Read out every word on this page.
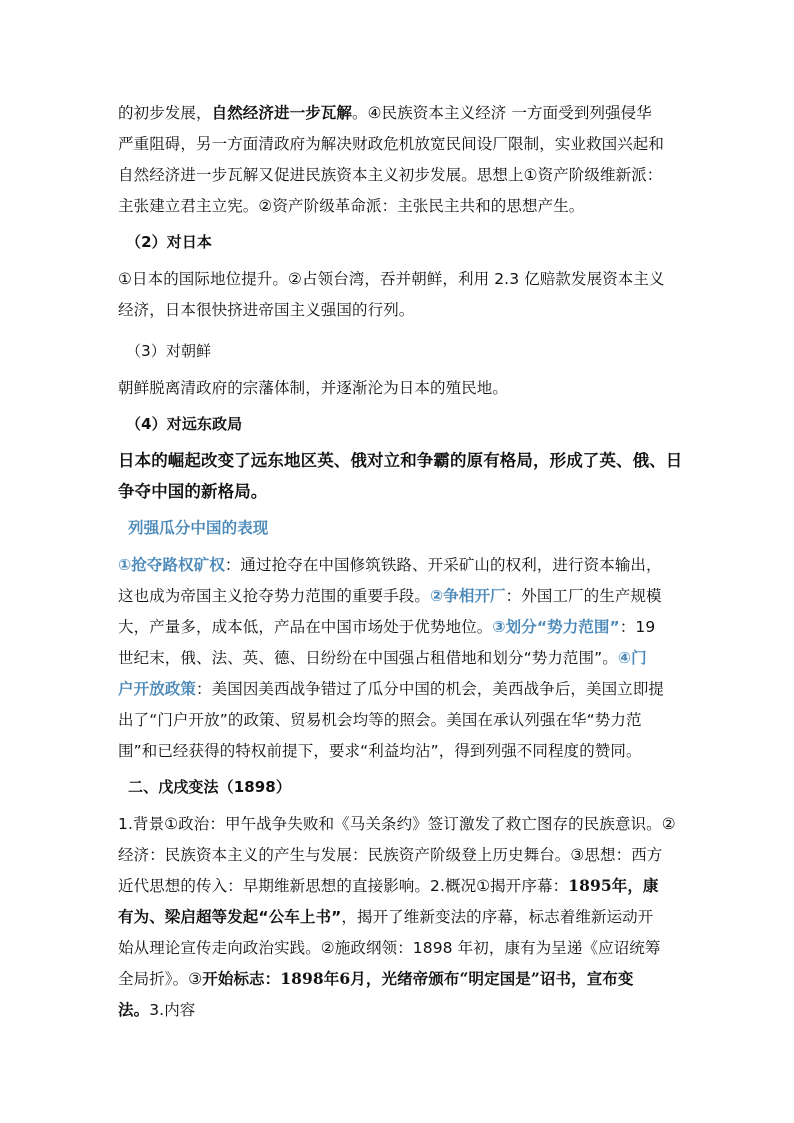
的初步发展，自然经济进一步瓦解。④民族资本主义经济 一方面受到列强侵华
严重阻碍，另一方面清政府为解决财政危机放宽民间设厂限制，实业救国兴起和
自然经济进一步瓦解又促进民族资本主义初步发展。思想上①资产阶级维新派：
主张建立君主立宪。②资产阶级革命派：主张民主共和的思想产生。
（2）对日本
①日本的国际地位提升。②占领台湾，吞并朝鲜，利用 2.3 亿赔款发展资本主义
经济，日本很快挤进帝国主义强国的行列。
（3）对朝鲜
朝鲜脱离清政府的宗藩体制，并逐渐沦为日本的殖民地。
（4）对远东政局
日本的崛起改变了远东地区英、俄对立和争霸的原有格局，形成了英、俄、日
争夺中国的新格局。
列强瓜分中国的表现
①抢夺路权矿权：通过抢夺在中国修筑铁路、开采矿山的权利，进行资本输出，
这也成为帝国主义抢夺势力范围的重要手段。②争相开厂：外国工厂的生产规模
大，产量多，成本低，产品在中国市场处于优势地位。③划分“势力范围”：19
世纪末，俄、法、英、德、日纷纷在中国强占租借地和划分“势力范围”。④门
户开放政策：美国因美西战争错过了瓜分中国的机会，美西战争后，美国立即提
出了“门户开放”的政策、贸易机会均等的照会。美国在承认列强在华“势力范
围”和已经获得的特权前提下，要求“利益均沾”，得到列强不同程度的赞同。
二、戊戌变法（1898）
1.背景①政治：甲午战争失败和《马关条约》签订激发了救亡图存的民族意识。②
经济：民族资本主义的产生与发展：民族资产阶级登上历史舞台。③思想：西方
近代思想的传入：早期维新思想的直接影响。2.概况①揭开序幕：1895年，康
有为、梁启超等发起“公车上书”，揭开了维新变法的序幕，标志着维新运动开
始从理论宣传走向政治实践。②施政纲领：1898 年初，康有为呈递《应诏统筹
全局折》。③开始标志：1898年6月，光绪帝颁布“明定国是”诏书，宣布变
法。3.内容
